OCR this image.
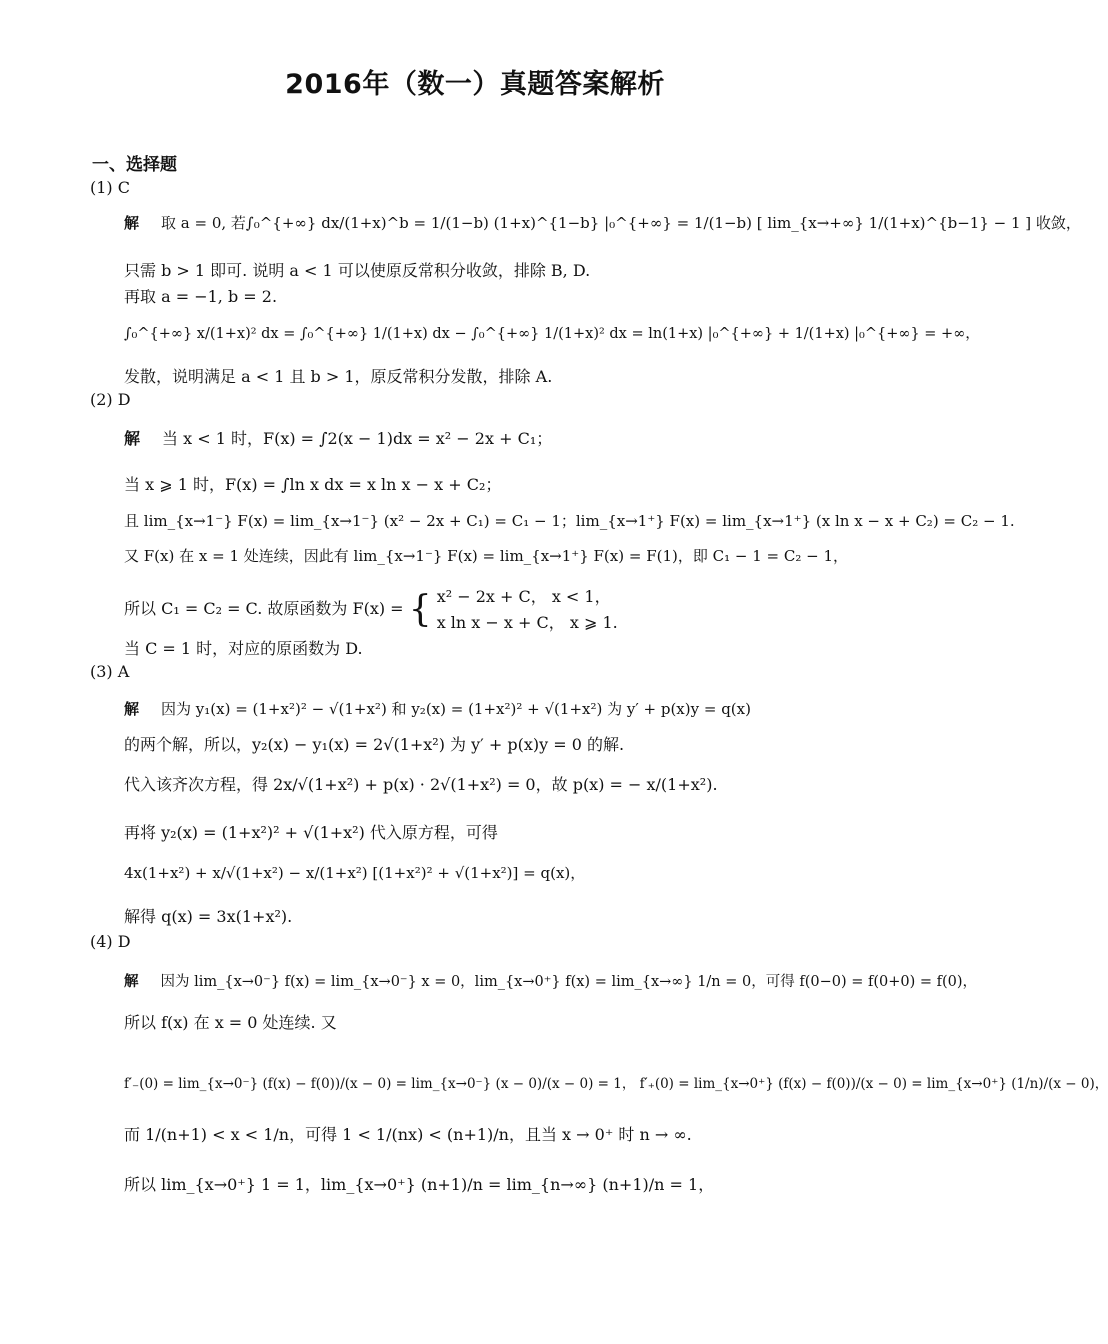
2016年（数一）真题答案解析
一、选择题
(1) C
解 取 a = 0, 若∫₀^{+∞} dx/(1+x)^b = 1/(1−b) (1+x)^{1−b} |₀^{+∞} = 1/(1−b) [ lim_{x→+∞} 1/(1+x)^{b−1} − 1 ] 收敛，
只需 b > 1 即可. 说明 a < 1 可以使原反常积分收敛，排除 B, D.
再取 a = −1, b = 2.
∫₀^{+∞} x/(1+x)² dx = ∫₀^{+∞} 1/(1+x) dx − ∫₀^{+∞} 1/(1+x)² dx = ln(1+x) |₀^{+∞} + 1/(1+x) |₀^{+∞} = +∞，
发散，说明满足 a < 1 且 b > 1，原反常积分发散，排除 A.
(2) D
解 当 x < 1 时，F(x) = ∫2(x − 1)dx = x² − 2x + C₁；
当 x ⩾ 1 时，F(x) = ∫ln x dx = x ln x − x + C₂；
且 lim_{x→1⁻} F(x) = lim_{x→1⁻} (x² − 2x + C₁) = C₁ − 1；lim_{x→1⁺} F(x) = lim_{x→1⁺} (x ln x − x + C₂) = C₂ − 1.
又 F(x) 在 x = 1 处连续，因此有 lim_{x→1⁻} F(x) = lim_{x→1⁺} F(x) = F(1)，即 C₁ − 1 = C₂ − 1，
所以 C₁ = C₂ = C. 故原函数为 F(x) = { x² − 2x + C， x < 1，
x ln x − x + C， x ⩾ 1.
当 C = 1 时，对应的原函数为 D.
(3) A
解 因为 y₁(x) = (1+x²)² − √(1+x²) 和 y₂(x) = (1+x²)² + √(1+x²) 为 y′ + p(x)y = q(x)
的两个解，所以，y₂(x) − y₁(x) = 2√(1+x²) 为 y′ + p(x)y = 0 的解.
代入该齐次方程，得 2x/√(1+x²) + p(x) · 2√(1+x²) = 0，故 p(x) = − x/(1+x²).
再将 y₂(x) = (1+x²)² + √(1+x²) 代入原方程，可得
4x(1+x²) + x/√(1+x²) − x/(1+x²) [(1+x²)² + √(1+x²)] = q(x)，
解得 q(x) = 3x(1+x²).
(4) D
解 因为 lim_{x→0⁻} f(x) = lim_{x→0⁻} x = 0，lim_{x→0⁺} f(x) = lim_{x→∞} 1/n = 0，可得 f(0−0) = f(0+0) = f(0)，
所以 f(x) 在 x = 0 处连续. 又
f′₋(0) = lim_{x→0⁻} (f(x) − f(0))/(x − 0) = lim_{x→0⁻} (x − 0)/(x − 0) = 1， f′₊(0) = lim_{x→0⁺} (f(x) − f(0))/(x − 0) = lim_{x→0⁺} (1/n)/(x − 0)，
而 1/(n+1) < x < 1/n，可得 1 < 1/(nx) < (n+1)/n，且当 x → 0⁺ 时 n → ∞.
所以 lim_{x→0⁺} 1 = 1，lim_{x→0⁺} (n+1)/n = lim_{n→∞} (n+1)/n = 1，
